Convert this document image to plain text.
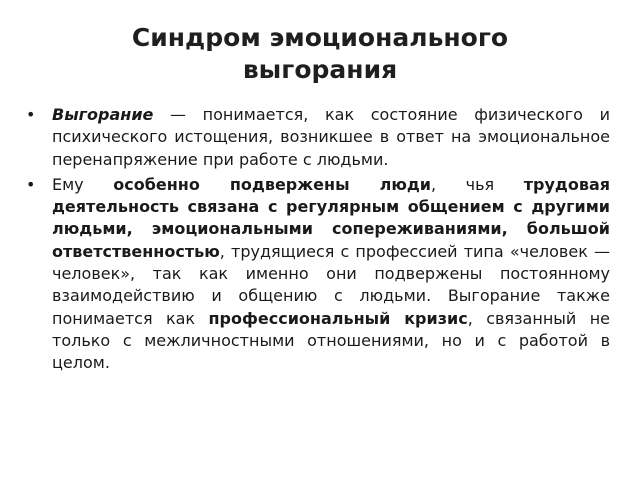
Синдром эмоционального выгорания
• Выгорание — понимается, как состояние физического и психического истощения, возникшее в ответ на эмоциональное перенапряжение при работе с людьми.
• Ему особенно подвержены люди, чья трудовая деятельность связана с регулярным общением с другими людьми, эмоциональными сопереживаниями, большой ответственностью, трудящиеся с профессией типа «человек — человек», так как именно они подвержены постоянному взаимодействию и общению с людьми. Выгорание также понимается как профессиональный кризис, связанный не только с межличностными отношениями, но и с работой в целом.
